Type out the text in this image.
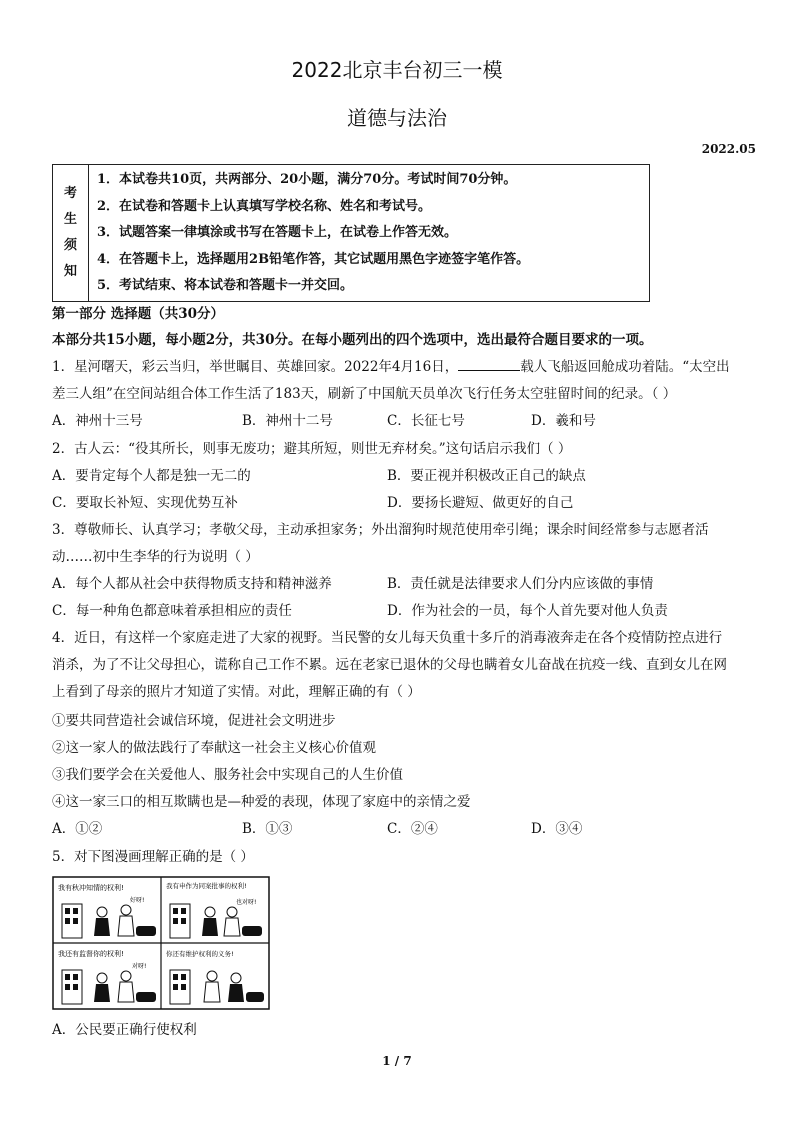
2022北京丰台初三一模
道德与法治
2022.05
考
生
须
知
1．本试卷共10页，共两部分、20小题，满分70分。考试时间70分钟。
2．在试卷和答题卡上认真填写学校名称、姓名和考试号。
3．试题答案一律填涂或书写在答题卡上，在试卷上作答无效。
4．在答题卡上，选择题用2B铅笔作答，其它试题用黑色字迹签字笔作答。
5．考试结束、将本试卷和答题卡一并交回。
第一部分 选择题（共30分）
本部分共15小题，每小题2分，共30分。在每小题列出的四个选项中，选出最符合题目要求的一项。
1．星河曙天，彩云当归，举世瞩目、英雄回家。2022年4月16日，	载人飞船返回舱成功着陆。“太空出
差三人组”在空间站组合体工作生活了183天，刷新了中国航天员单次飞行任务太空驻留时间的纪录。（ ）
A．神州十三号	B．神州十二号	C．长征七号	D．羲和号
2．古人云：“役其所长，则事无废功；避其所短，则世无弃材矣。”这句话启示我们（ ）
A．要肯定每个人都是独一无二的	B．要正视并积极改正自己的缺点
C．要取长补短、实现优势互补	D．要扬长避短、做更好的自己
3．尊敬师长、认真学习；孝敬父母，主动承担家务；外出溜狗时规范使用牵引绳；课余时间经常参与志愿者活
动……初中生李华的行为说明（ ）
A．每个人都从社会中获得物质支持和精神滋养	B．责任就是法律要求人们分内应该做的事情
C．每一种角色都意味着承担相应的责任	D．作为社会的一员，每个人首先要对他人负责
4．近日，有这样一个家庭走进了大家的视野。当民警的女儿每天负重十多斤的消毒液奔走在各个疫情防控点进行
消杀，为了不让父母担心，谎称自己工作不累。远在老家已退休的父母也瞒着女儿奋战在抗疫一线、直到女儿在网
上看到了母亲的照片才知道了实情。对此，理解正确的有（ ）
①要共同营造社会诚信环境，促进社会文明进步
②这一家人的做法践行了奉献这一社会主义核心价值观
③我们要学会在关爱他人、服务社会中实现自己的人生价值
④这一家三口的相互欺瞒也是—种爱的表现，体现了家庭中的亲情之爱
A．①②	B．①③	C．②④	D．③④
5．对下图漫画理解正确的是（ ）
我有秋冲知情的权利!
好呀!
我有申作为同案批事的权利!
也对呀!
我还有监督你的权利!
对呀!
你还有维护权利的义务!
A．公民要正确行使权利
1 / 7
